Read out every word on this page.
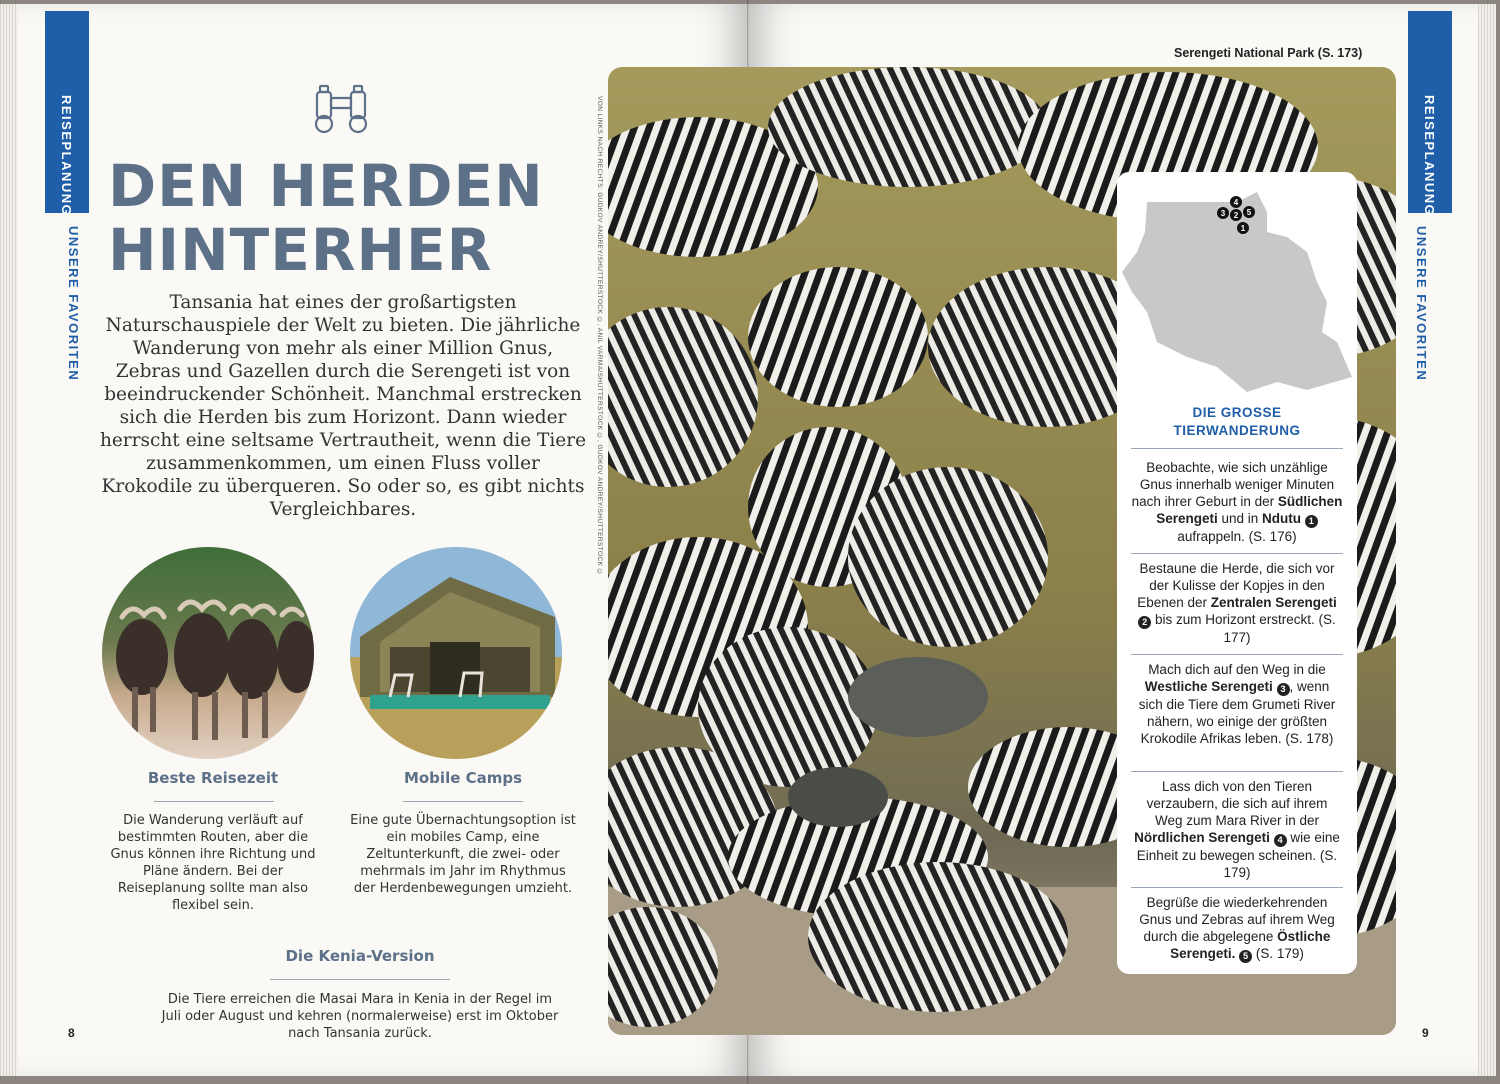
REISEPLANUNG
UNSERE FAVORITEN
DEN HERDEN
HINTERHER
Tansania hat eines der großartigsten Naturschauspiele der Welt zu bieten. Die jährliche Wanderung von mehr als einer Million Gnus, Zebras und Gazellen durch die Serengeti ist von beeindruckender Schönheit. Manchmal erstrecken sich die Herden bis zum Horizont. Dann wieder herrscht eine seltsame Vertrautheit, wenn die Tiere zusammenkommen, um einen Fluss voller Krokodile zu überqueren. So oder so, es gibt nichts Vergleichbares.
Beste Reisezeit
Die Wanderung verläuft auf bestimmten Routen, aber die Gnus können ihre Richtung und Pläne ändern. Bei der Reiseplanung sollte man also flexibel sein.
Mobile Camps
Eine gute Übernachtungsoption ist ein mobiles Camp, eine Zeltunterkunft, die zwei- oder mehrmals im Jahr im Rhythmus der Herdenbewegungen umzieht.
Die Kenia-Version
Die Tiere erreichen die Masai Mara in Kenia in der Regel im Juli oder August und kehren (normalerweise) erst im Oktober nach Tansania zurück.
8
VON LINKS NACH RECHTS: GUDKOV ANDREY/SHUTTERSTOCK ©, ANIL VARMA/SHUTTERSTOCK ©, GUDKOV ANDREY/SHUTTERSTOCK ©
Serengeti National Park (S. 173)
REISEPLANUNG
UNSERE FAVORITEN
9
4
3 2 5
1
DIE GROSSE
TIERWANDERUNG
Beobachte, wie sich unzählige Gnus innerhalb weniger Minuten nach ihrer Geburt in der Südlichen Serengeti und in Ndutu 1 aufrappeln. (S. 176)
Bestaune die Herde, die sich vor der Kulisse der Kopjes in den Ebenen der Zentralen Serengeti 2 bis zum Horizont erstreckt. (S. 177)
Mach dich auf den Weg in die Westliche Serengeti 3 , wenn sich die Tiere dem Grumeti River nähern, wo einige der größten Krokodile Afrikas leben. (S. 178)
Lass dich von den Tieren verzaubern, die sich auf ihrem Weg zum Mara River in der Nördlichen Serengeti 4 wie eine Einheit zu bewegen scheinen. (S. 179)
Begrüße die wiederkehrenden Gnus und Zebras auf ihrem Weg durch die abgelegene Östliche Serengeti. 5 (S. 179)
